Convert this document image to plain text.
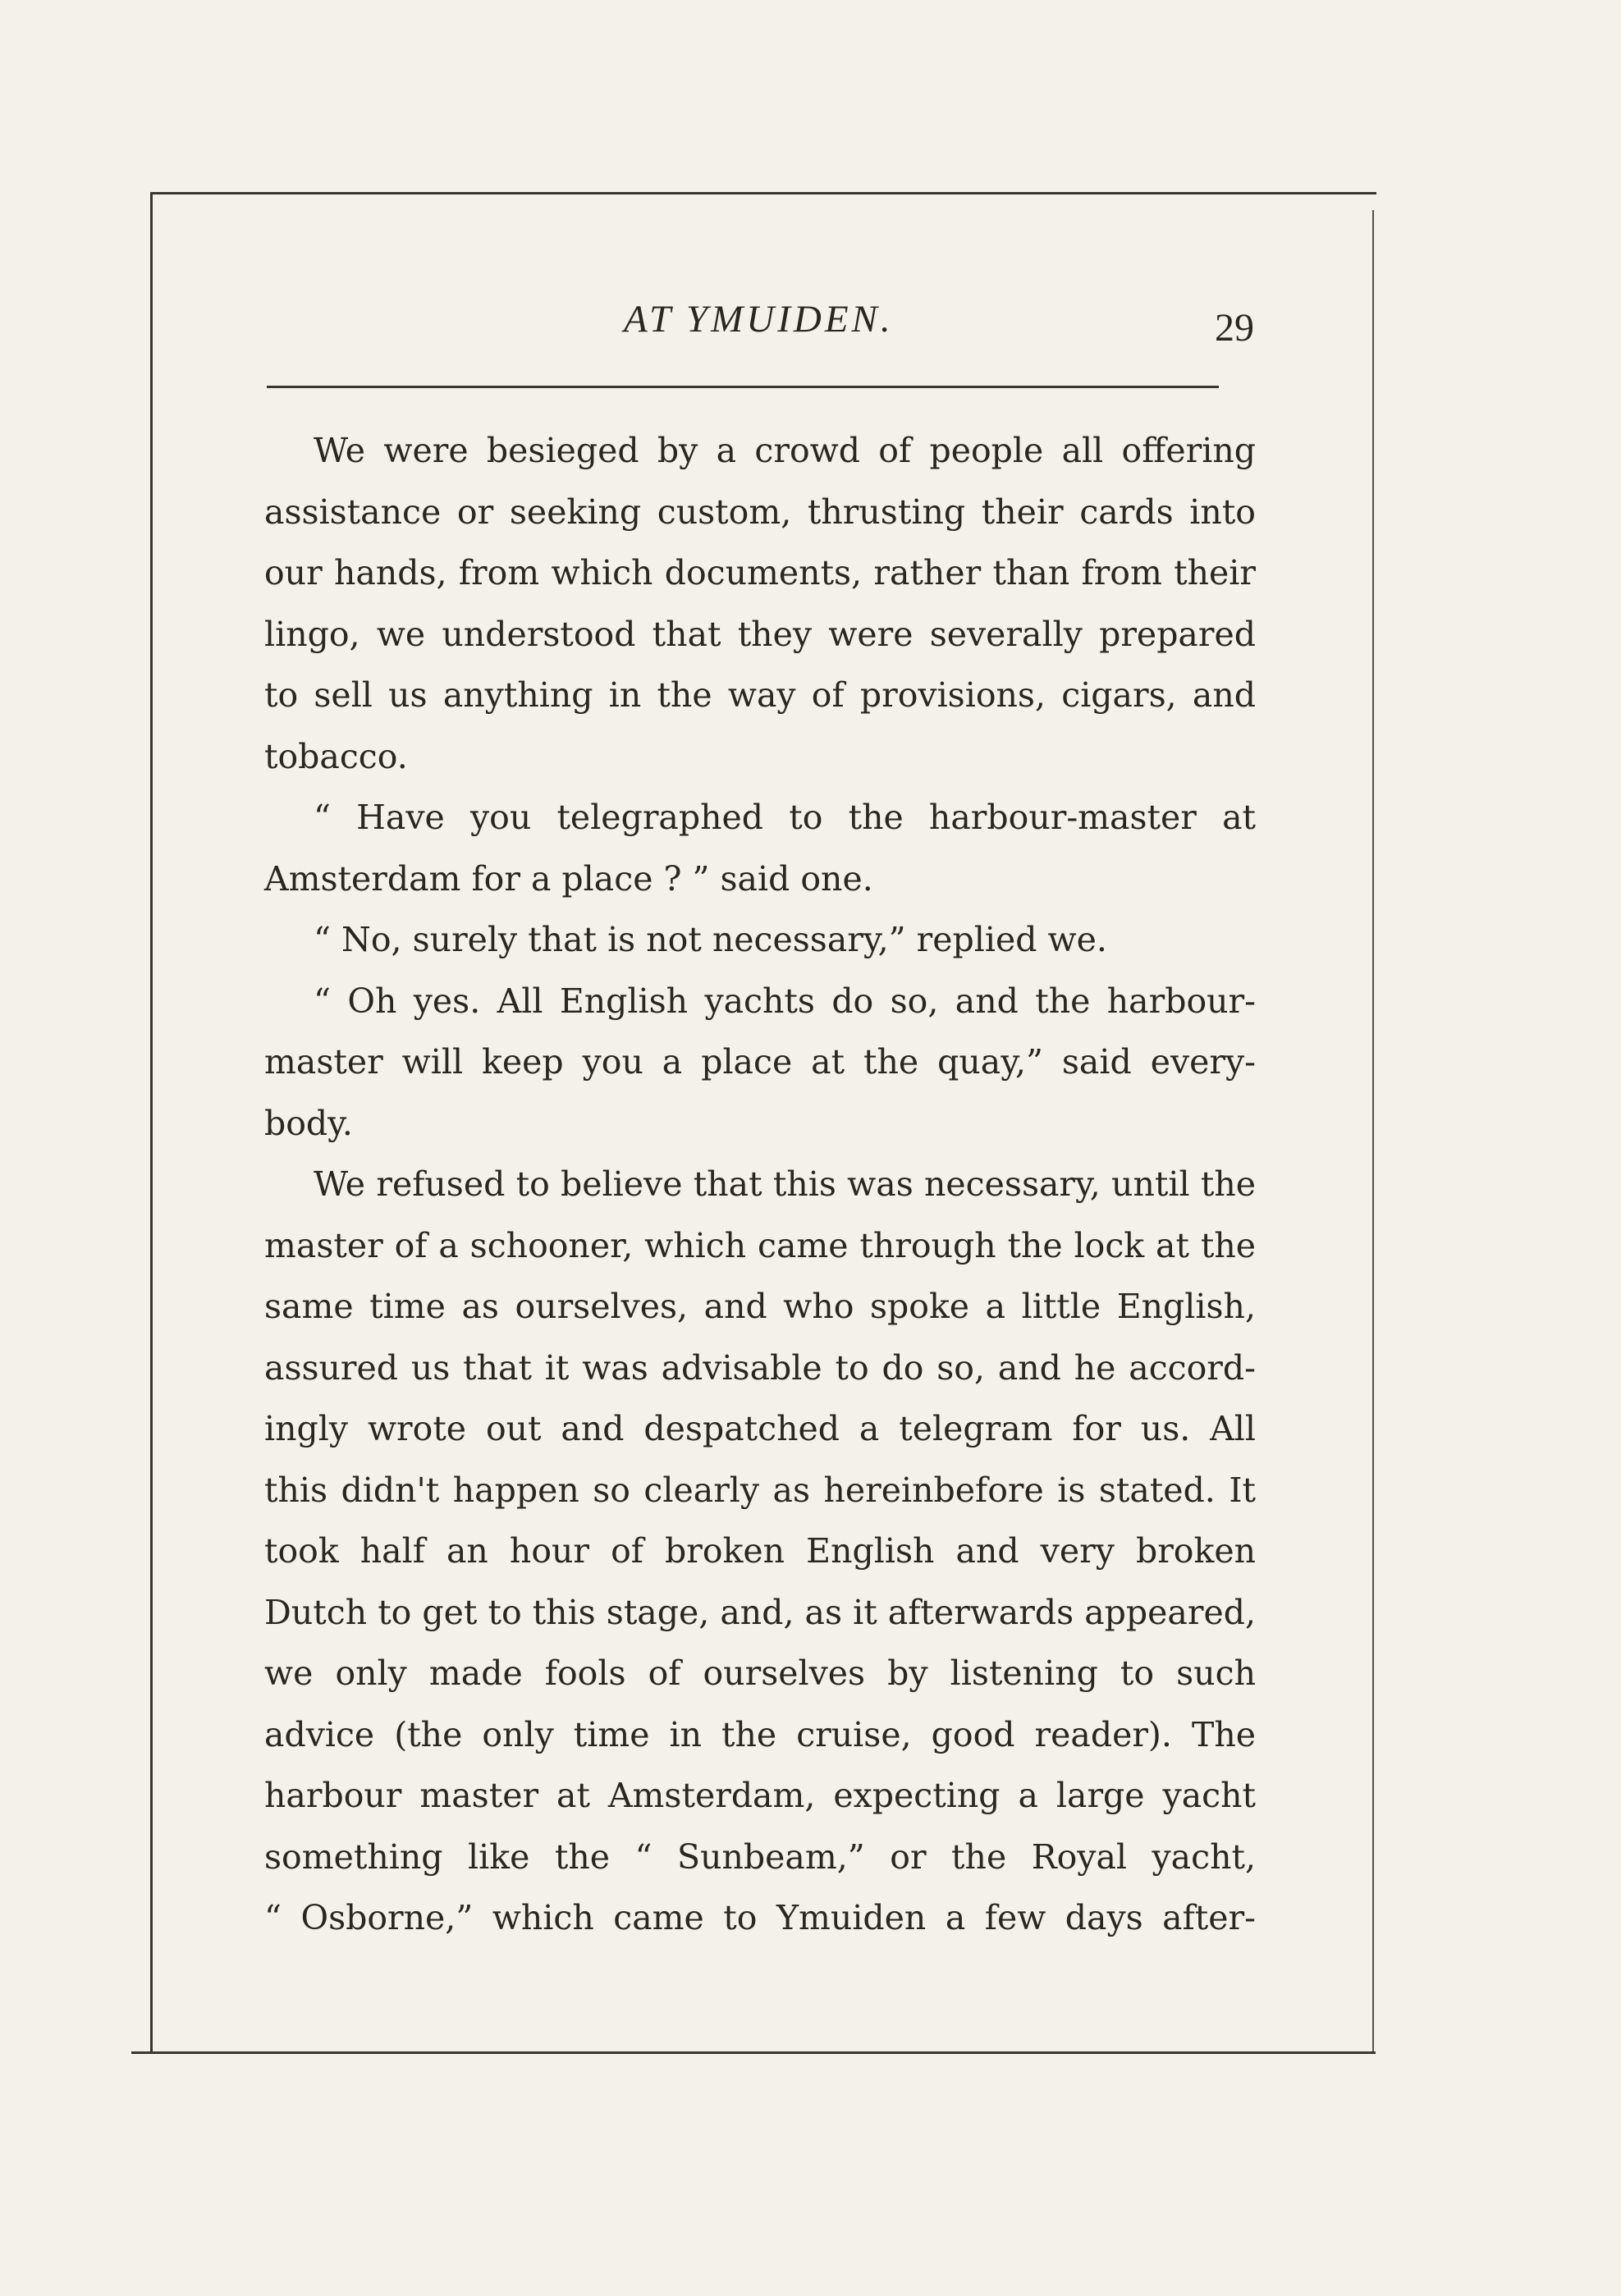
AT YMUIDEN.	29
We were besieged by a crowd of people all offering
assistance or seeking custom, thrusting their cards into
our hands, from which documents, rather than from their
lingo, we understood that they were severally prepared
to sell us anything in the way of provisions, cigars, and
tobacco.
“ Have you telegraphed to the harbour-master at
Amsterdam for a place ? ” said one.
“ No, surely that is not necessary,” replied we.
“ Oh yes. All English yachts do so, and the harbour-
master will keep you a place at the quay,” said every-
body.
We refused to believe that this was necessary, until the
master of a schooner, which came through the lock at the
same time as ourselves, and who spoke a little English,
assured us that it was advisable to do so, and he accord-
ingly wrote out and despatched a telegram for us. All
this didn't happen so clearly as hereinbefore is stated. It
took half an hour of broken English and very broken
Dutch to get to this stage, and, as it afterwards appeared,
we only made fools of ourselves by listening to such
advice (the only time in the cruise, good reader). The
harbour master at Amsterdam, expecting a large yacht
something like the “ Sunbeam,” or the Royal yacht,
“ Osborne,” which came to Ymuiden a few days after-
